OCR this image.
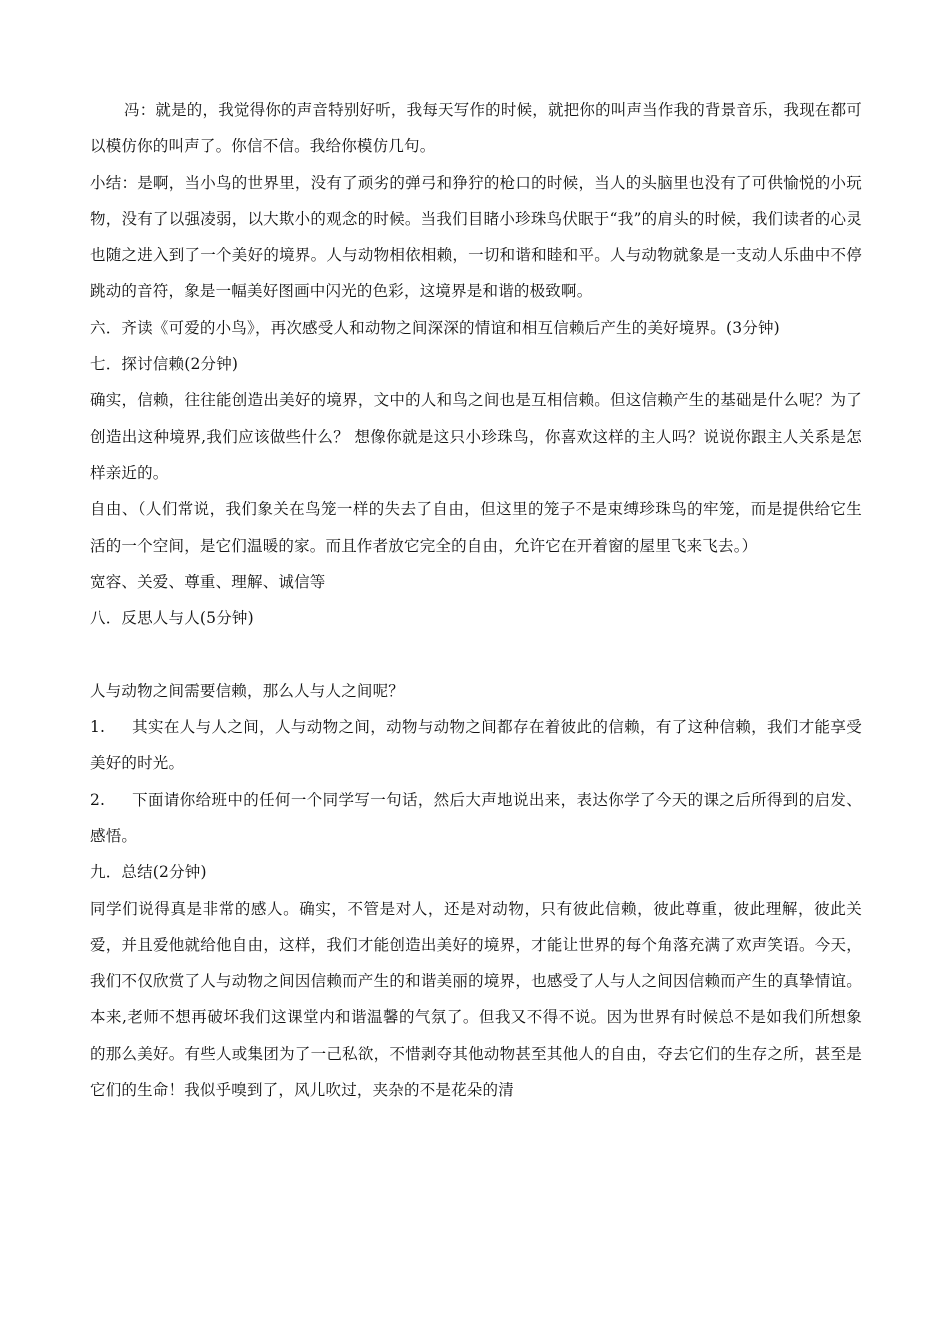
冯：就是的，我觉得你的声音特别好听，我每天写作的时候，就把你的叫声当作我的背景音乐，我现在都可以模仿你的叫声了。你信不信。我给你模仿几句。

小结：是啊，当小鸟的世界里，没有了顽劣的弹弓和狰狞的枪口的时候，当人的头脑里也没有了可供愉悦的小玩物，没有了以强凌弱，以大欺小的观念的时候。当我们目睹小珍珠鸟伏眠于“我”的肩头的时候，我们读者的心灵也随之进入到了一个美好的境界。人与动物相依相赖，一切和谐和睦和平。人与动物就象是一支动人乐曲中不停跳动的音符，象是一幅美好图画中闪光的色彩，这境界是和谐的极致啊。

六．齐读《可爱的小鸟》，再次感受人和动物之间深深的情谊和相互信赖后产生的美好境界。(3分钟)

七．探讨信赖(2分钟)

确实，信赖，往往能创造出美好的境界，文中的人和鸟之间也是互相信赖。但这信赖产生的基础是什么呢？为了创造出这种境界,我们应该做些什么？ 想像你就是这只小珍珠鸟，你喜欢这样的主人吗？说说你跟主人关系是怎样亲近的。

自由、（人们常说，我们象关在鸟笼一样的失去了自由，但这里的笼子不是束缚珍珠鸟的牢笼，而是提供给它生活的一个空间，是它们温暖的家。而且作者放它完全的自由，允许它在开着窗的屋里飞来飞去。）

宽容、关爱、尊重、理解、诚信等

八．反思人与人(5分钟)

人与动物之间需要信赖，那么人与人之间呢？

1. 其实在人与人之间，人与动物之间，动物与动物之间都存在着彼此的信赖，有了这种信赖，我们才能享受美好的时光。

2. 下面请你给班中的任何一个同学写一句话，然后大声地说出来，表达你学了今天的课之后所得到的启发、感悟。

九．总结(2分钟)

同学们说得真是非常的感人。确实，不管是对人，还是对动物，只有彼此信赖，彼此尊重，彼此理解，彼此关爱，并且爱他就给他自由，这样，我们才能创造出美好的境界，才能让世界的每个角落充满了欢声笑语。今天，我们不仅欣赏了人与动物之间因信赖而产生的和谐美丽的境界，也感受了人与人之间因信赖而产生的真挚情谊。本来,老师不想再破坏我们这课堂内和谐温馨的气氛了。但我又不得不说。因为世界有时候总不是如我们所想象的那么美好。有些人或集团为了一己私欲，不惜剥夺其他动物甚至其他人的自由，夺去它们的生存之所，甚至是它们的生命！我似乎嗅到了，风儿吹过，夹杂的不是花朵的清
